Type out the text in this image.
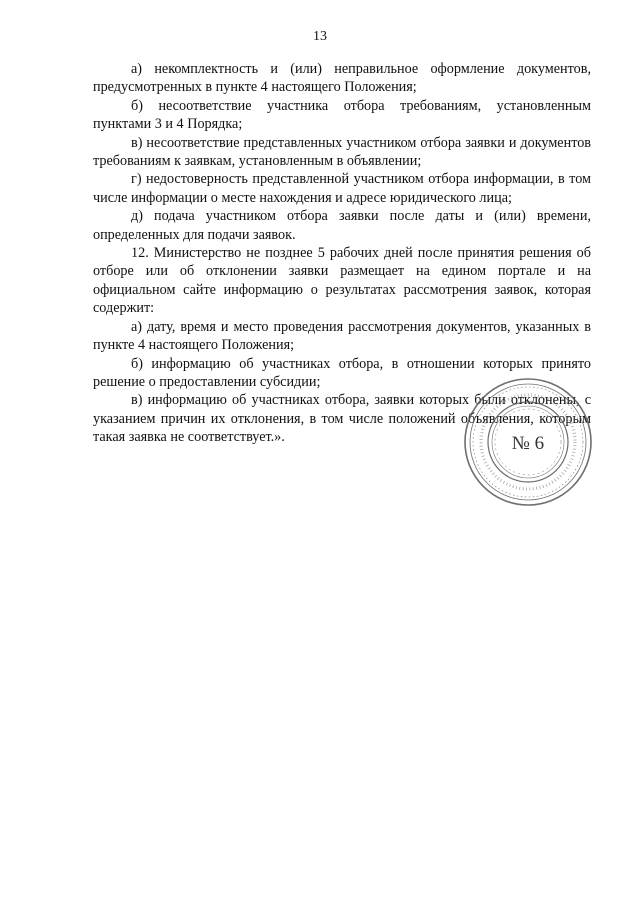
13

а) некомплектность и (или) неправильное оформление документов, предусмотренных в пункте 4 настоящего Положения;

б) несоответствие участника отбора требованиям, установленным пунктами 3 и 4 Порядка;

в) несоответствие представленных участником отбора заявки и документов требованиям к заявкам, установленным в объявлении;

г) недостоверность представленной участником отбора информации, в том числе информации о месте нахождения и адресе юридического лица;

д) подача участником отбора заявки после даты и (или) времени, определенных для подачи заявок.

12. Министерство не позднее 5 рабочих дней после принятия решения об отборе или об отклонении заявки размещает на едином портале и на официальном сайте информацию о результатах рассмотрения заявок, которая содержит:

а) дату, время и место проведения рассмотрения документов, указанных в пункте 4 настоящего Положения;

б) информацию об участниках отбора, в отношении которых принято решение о предоставлении субсидии;

в) информацию об участниках отбора, заявки которых были отклонены, с указанием причин их отклонения, в том числе положений объявления, которым такая заявка не соответствует.».	№ 6
